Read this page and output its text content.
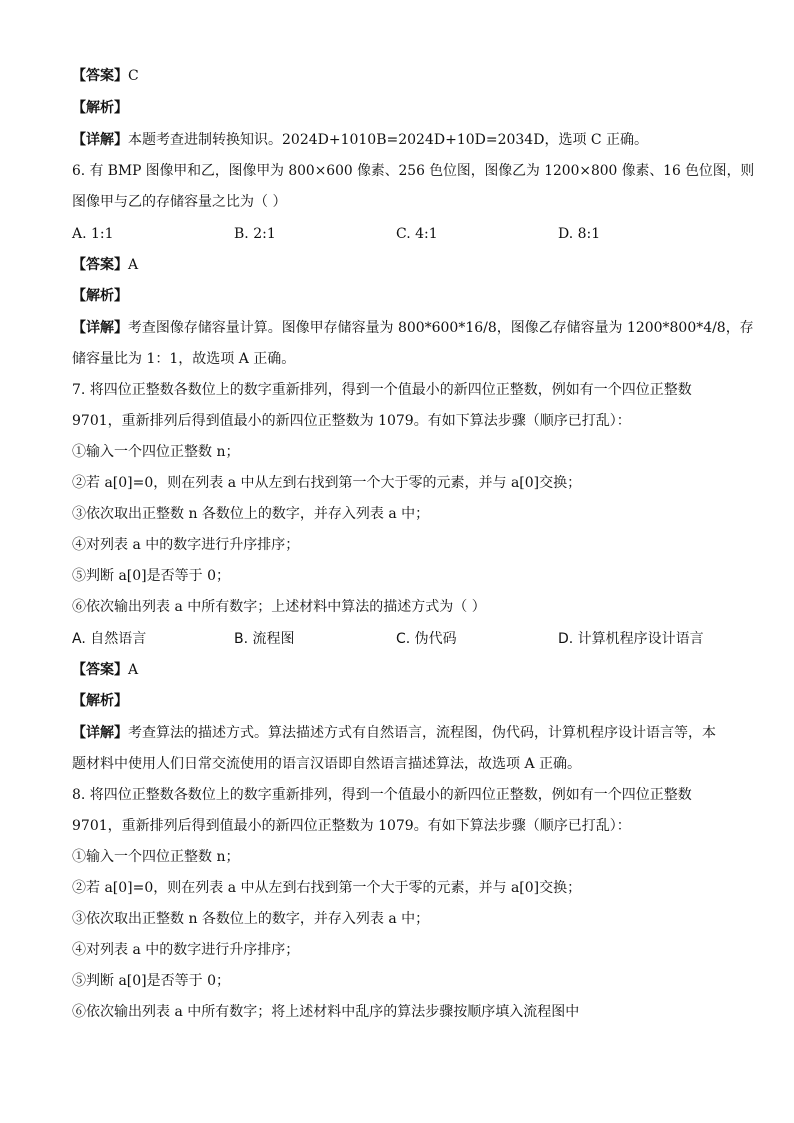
【答案】C
【解析】
【详解】本题考查进制转换知识。2024D+1010B=2024D+10D=2034D，选项 C 正确。
6. 有 BMP 图像甲和乙，图像甲为 800×600 像素、256 色位图，图像乙为 1200×800 像素、16 色位图，则
图像甲与乙的存储容量之比为（ ）
A. 1:1	B. 2:1	C. 4:1	D. 8:1
【答案】A
【解析】
【详解】考查图像存储容量计算。图像甲存储容量为 800*600*16/8，图像乙存储容量为 1200*800*4/8，存
储容量比为 1：1，故选项 A 正确。
7. 将四位正整数各数位上的数字重新排列，得到一个值最小的新四位正整数，例如有一个四位正整数
9701，重新排列后得到值最小的新四位正整数为 1079。有如下算法步骤（顺序已打乱）：
①输入一个四位正整数 n；
②若 a[0]=0，则在列表 a 中从左到右找到第一个大于零的元素，并与 a[0]交换；
③依次取出正整数 n 各数位上的数字，并存入列表 a 中；
④对列表 a 中的数字进行升序排序；
⑤判断 a[0]是否等于 0；
⑥依次输出列表 a 中所有数字；上述材料中算法的描述方式为（ ）
A. 自然语言	B. 流程图	C. 伪代码	D. 计算机程序设计语言
【答案】A
【解析】
【详解】考查算法的描述方式。算法描述方式有自然语言，流程图，伪代码，计算机程序设计语言等，本
题材料中使用人们日常交流使用的语言汉语即自然语言描述算法，故选项 A 正确。
8. 将四位正整数各数位上的数字重新排列，得到一个值最小的新四位正整数，例如有一个四位正整数
9701，重新排列后得到值最小的新四位正整数为 1079。有如下算法步骤（顺序已打乱）：
①输入一个四位正整数 n；
②若 a[0]=0，则在列表 a 中从左到右找到第一个大于零的元素，并与 a[0]交换；
③依次取出正整数 n 各数位上的数字，并存入列表 a 中；
④对列表 a 中的数字进行升序排序；
⑤判断 a[0]是否等于 0；
⑥依次输出列表 a 中所有数字；将上述材料中乱序的算法步骤按顺序填入流程图中
